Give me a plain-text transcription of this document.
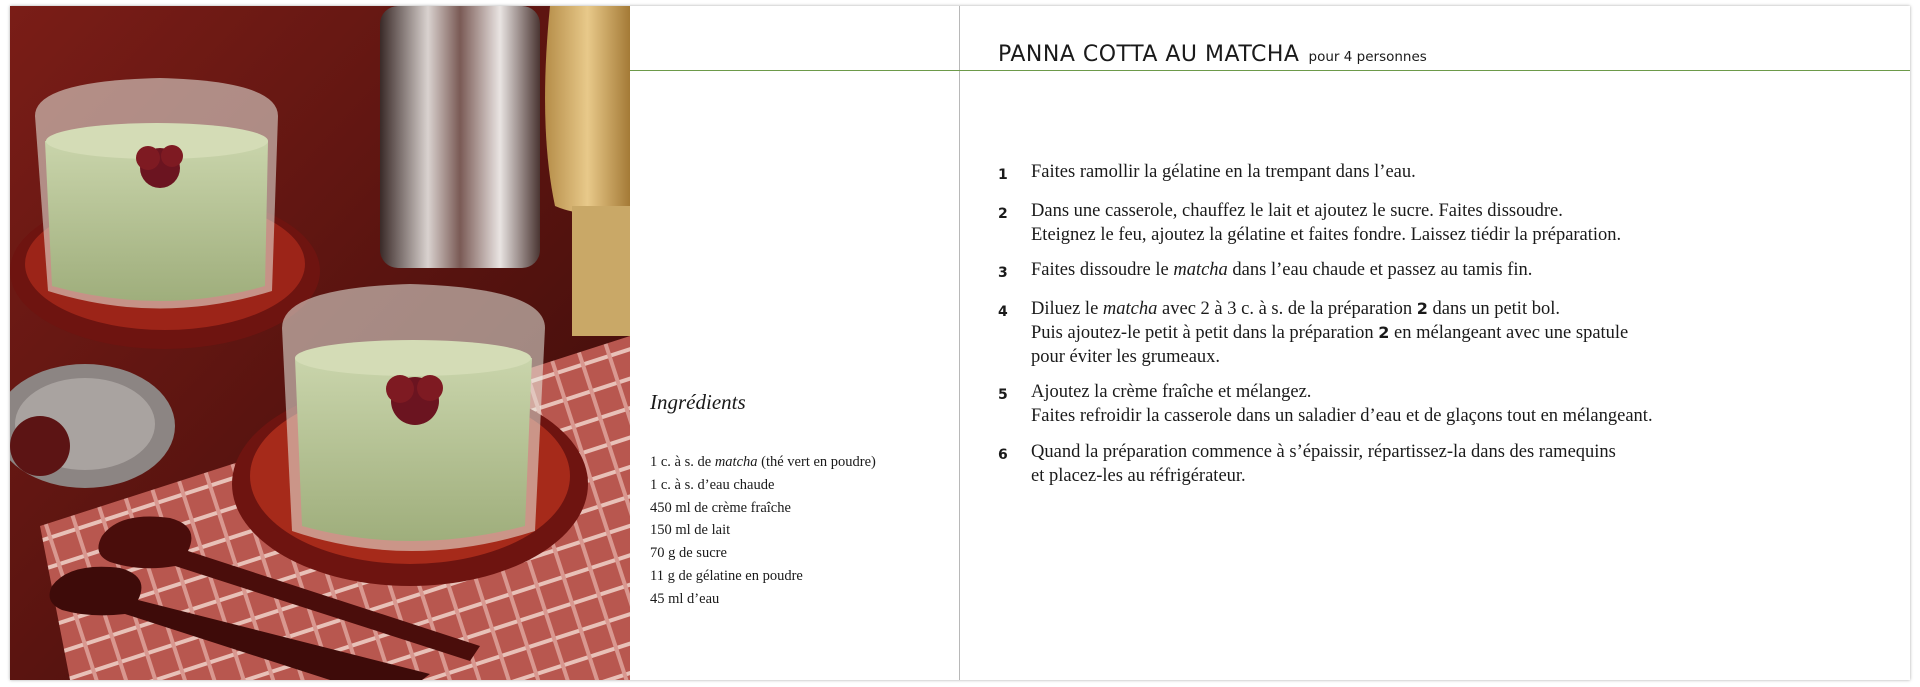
Ingrédients
1 c. à s. de matcha (thé vert en poudre)
1 c. à s. d’eau chaude
450 ml de crème fraîche
150 ml de lait
70 g de sucre
11 g de gélatine en poudre
45 ml d’eau
PANNA COTTA AU MATCHA pour 4 personnes
1	Faites ramollir la gélatine en la trempant dans l’eau.
2	Dans une casserole, chauffez le lait et ajoutez le sucre. Faites dissoudre.
Eteignez le feu, ajoutez la gélatine et faites fondre. Laissez tiédir la préparation.
3	Faites dissoudre le matcha dans l’eau chaude et passez au tamis fin.
4	Diluez le matcha avec 2 à 3 c. à s. de la préparation 2 dans un petit bol.
Puis ajoutez-le petit à petit dans la préparation 2 en mélangeant avec une spatule
pour éviter les grumeaux.
5	Ajoutez la crème fraîche et mélangez.
Faites refroidir la casserole dans un saladier d’eau et de glaçons tout en mélangeant.
6	Quand la préparation commence à s’épaissir, répartissez-la dans des ramequins
et placez-les au réfrigérateur.
